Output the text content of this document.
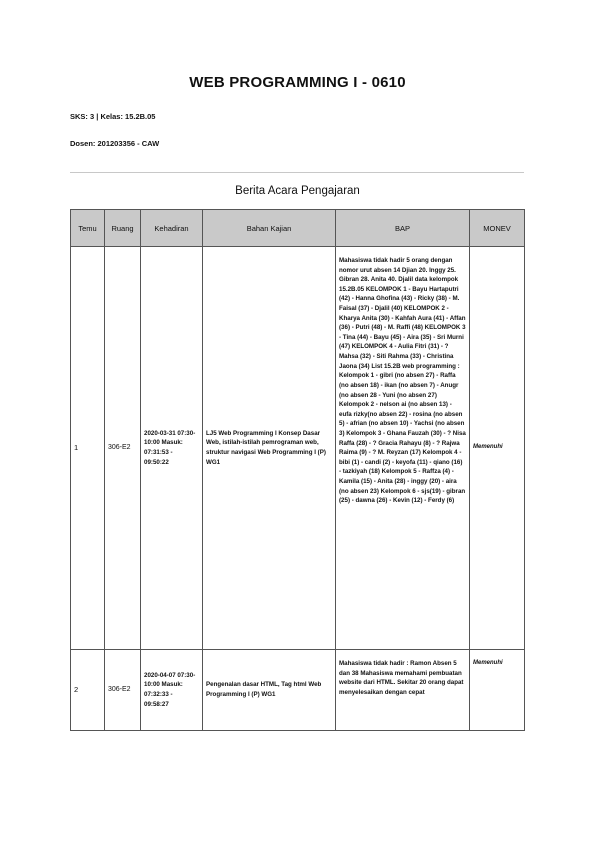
WEB PROGRAMMING I - 0610
SKS: 3 | Kelas: 15.2B.05
Dosen: 201203356 - CAW
Berita Acara Pengajaran
Temu	Ruang	Kehadiran	Bahan Kajian	BAP	MONEV
1	306-E2	2020-03-31 07:30-10:00 Masuk: 07:31:53 - 09:50:22	LJ5 Web Programming I Konsep Dasar Web, istilah-istilah pemrograman web, struktur navigasi Web Programming I (P) WG1	Mahasiswa tidak hadir 5 orang dengan nomor urut absen 14 Djian 20. Inggy 25. Gibran 28. Anita 40. Djalil data kelompok 15.2B.05 KELOMPOK 1 - Bayu Hartaputri (42) - Hanna Ghofina (43) - Ricky (38) - M. Faisal (37) - Djalil (40) KELOMPOK 2 - Kharya Anita (30) - Kahfah Aura (41) - Affan (36) - Putri (48) - M. Raffi (48) KELOMPOK 3 - Tina (44) - Bayu (45) - Aira (35) - Sri Murni (47) KELOMPOK 4 - Aulia Fitri (31) - ? Mahsa (32) - Siti Rahma (33) - Christina Jaona (34) List 15.2B web programming : Kelompok 1 - gibri (no absen 27) - Raffa (no absen 18) - ikan (no absen 7) - Anugr (no absen 28 - Yuni (no absen 27) Kelompok 2 - nelson ai (no absen 13) - eufa rizky(no absen 22) - rosina (no absen 5) - afrian (no absen 10) - Yachsi (no absen 3) Kelompok 3 - Ghana Fauzah (30) - ? Nisa Raffa (28) - ? Gracia Rahayu (8) - ? Rajwa Raima (9) - ? M. Reyzan (17) Kelompok 4 - bibi (1) - candi (2) - keyofa (11) - qiano (16) - tazkiyah (18) Kelompok 5 - Raffza (4) - Kamila (15) - Anita (28) - inggy (20) - aira (no absen 23) Kelompok 6 - sjs(19) - gibran (25) - dawna (26) - Kevin (12) - Ferdy (6)	Memenuhi
2	306-E2	2020-04-07 07:30-10:00 Masuk: 07:32:33 - 09:58:27	Pengenalan dasar HTML, Tag html Web Programming I (P) WG1	Mahasiswa tidak hadir : Ramon Absen 5 dan 38 Mahasiswa memahami pembuatan website dari HTML. Sekitar 20 orang dapat menyelesaikan dengan cepat	Memenuhi
